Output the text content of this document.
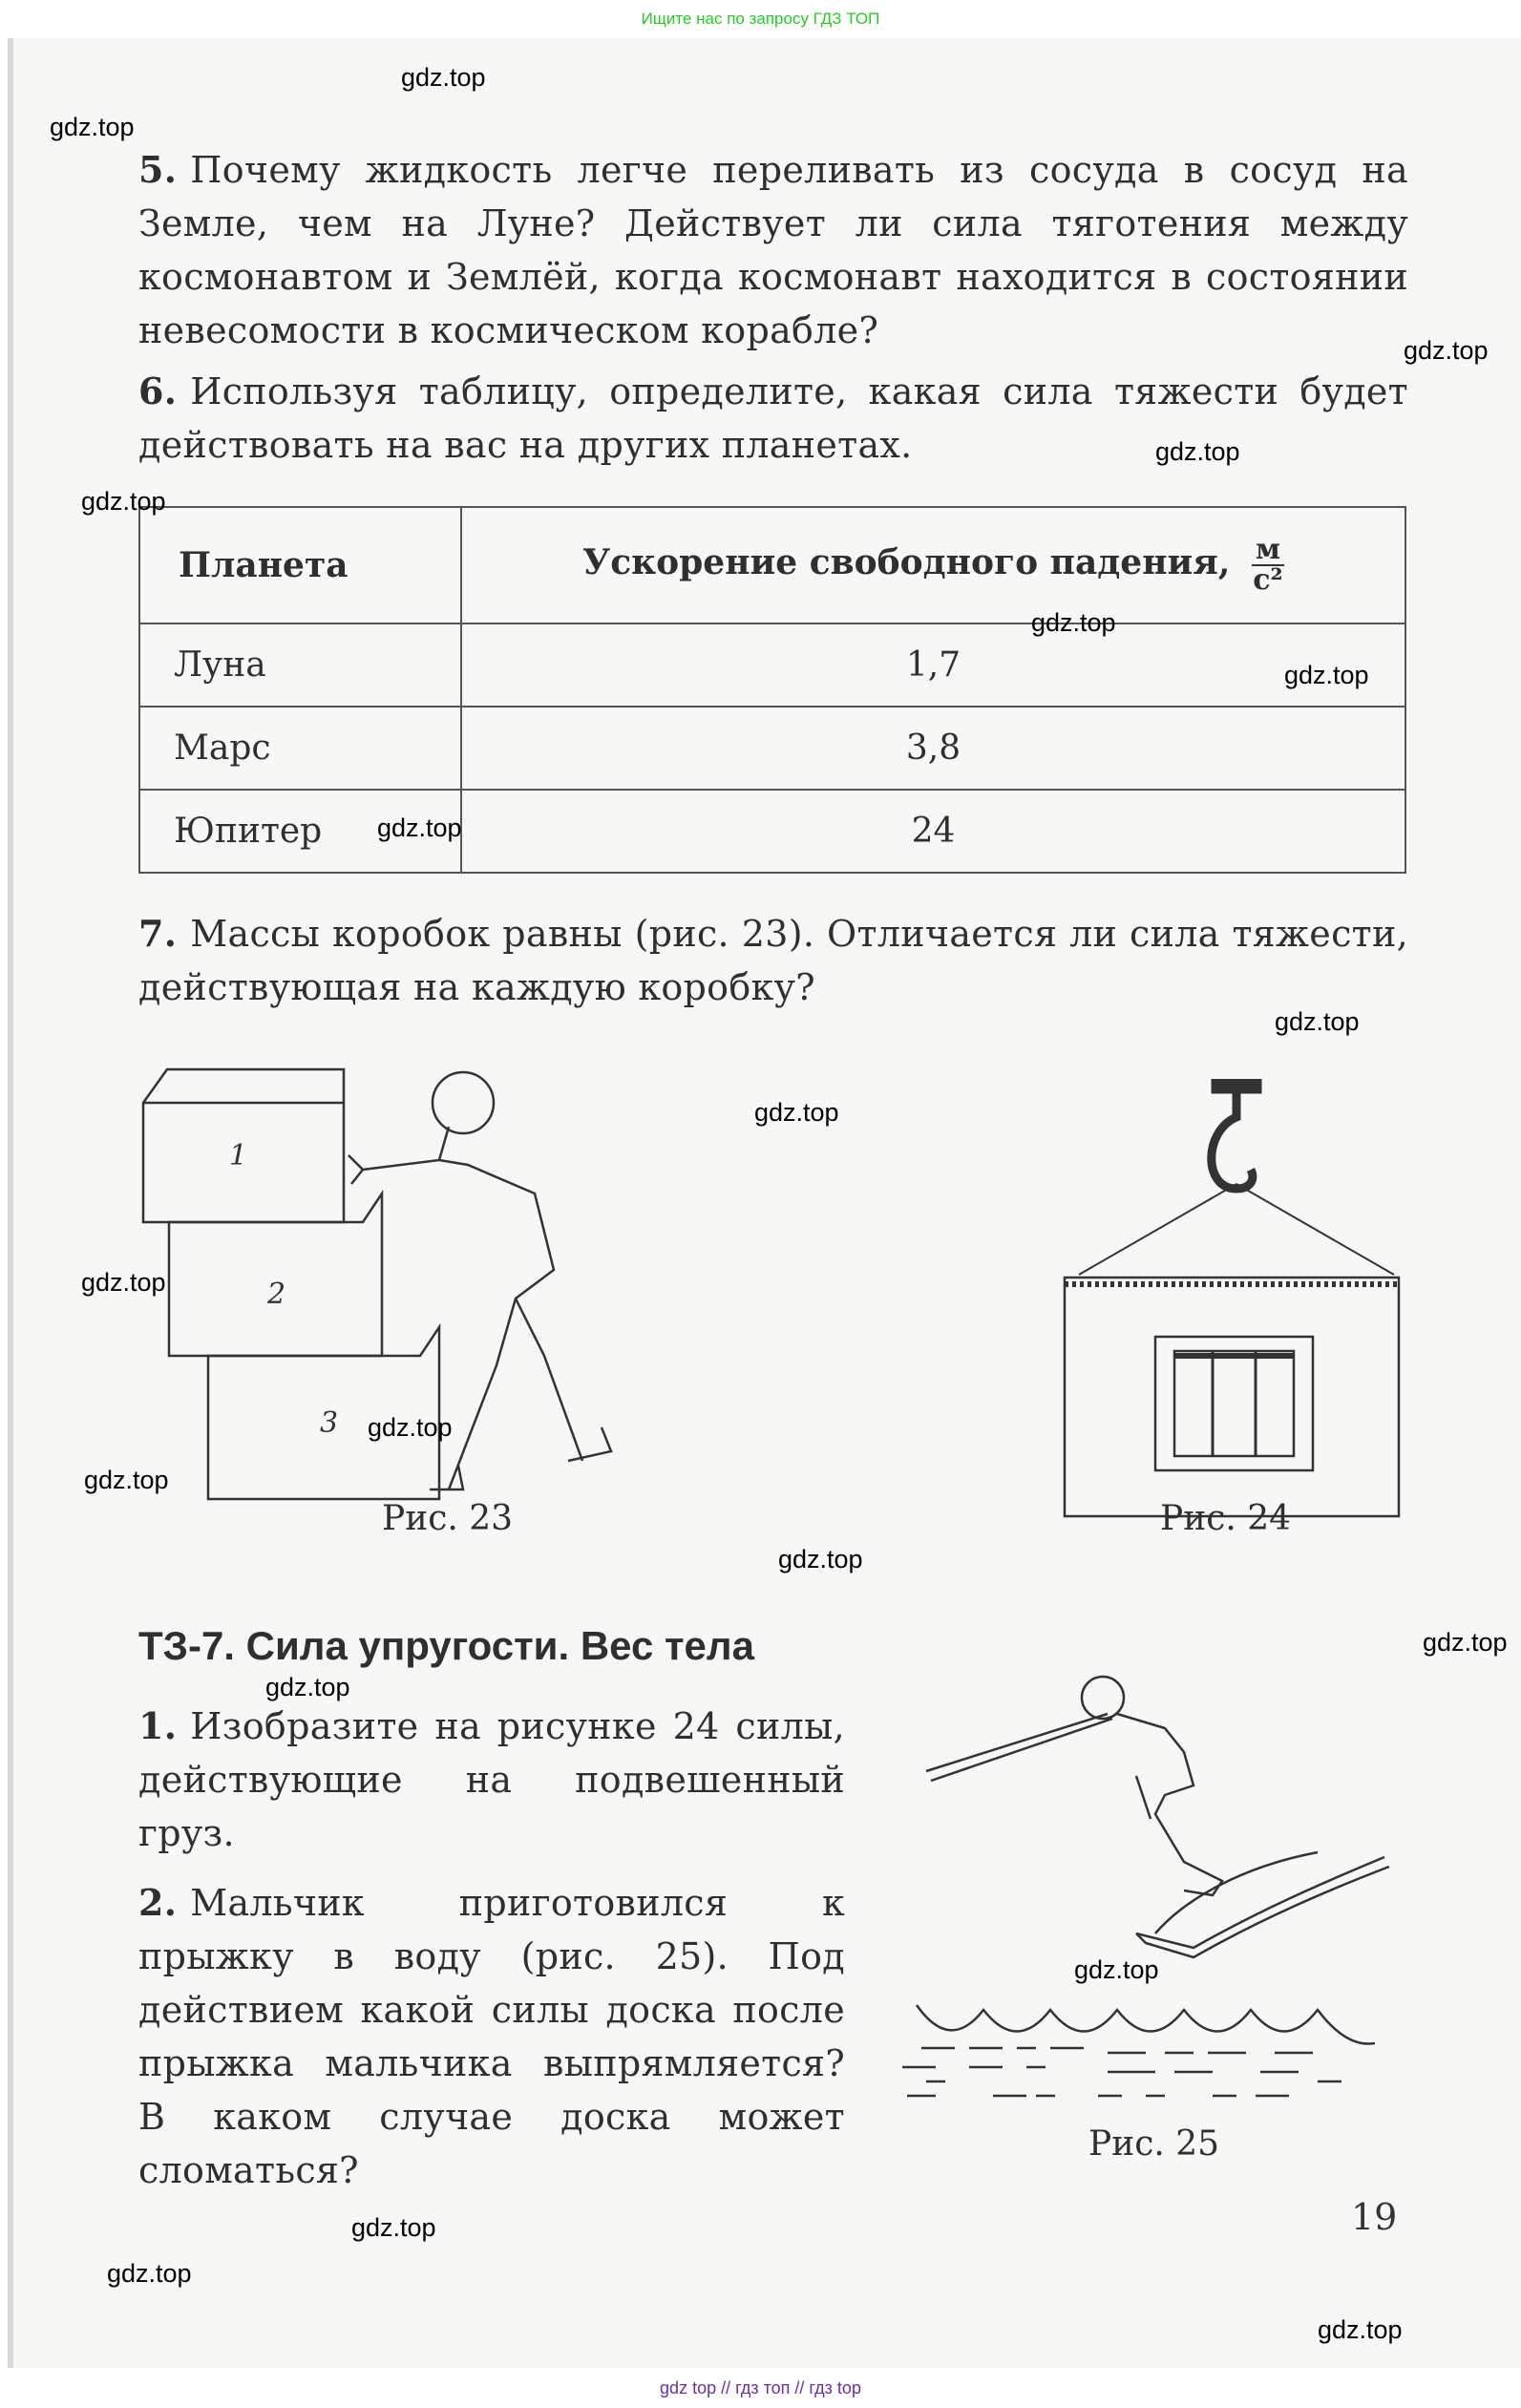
Ищите нас по запросу ГДЗ ТОП
5. Почему жидкость легче переливать из сосуда в сосуд на Земле, чем на Луне? Действует ли сила тяготения между космонавтом и Землёй, когда космонавт находится в состоянии невесомости в космическом корабле?
6. Используя таблицу, определите, какая сила тяжести будет действовать на вас на других планетах.
Планета	Ускорение свободного падения, $\frac{м}{\text{с²}}$

Луна	1,7
Марс	3,8
Юпитер	24
7. Массы коробок равны (рис. 23). Отличается ли сила тяжести, действующая на каждую коробку?
1
2
3
Рис. 23	Рис. 24
ТЗ-7. Сила упругости. Вес тела
1. Изобразите на рисунке 24 силы, действующие на подвешенный груз.
2. Мальчик приготовился к прыжку в воду (рис. 25). Под действием какой силы доска после прыжка мальчика выпрямляется? В каком случае доска может сломаться?
Рис. 25
19
gdz.top
gdz.top
gdz.top
gdz.top
gdz.top
gdz.top
gdz.top
gdz.top
gdz.top
gdz.top
gdz.top
gdz.top
gdz.top
gdz.top
gdz.top
gdz.top
gdz.top
gdz.top
gdz.top
gdz.top
gdz top // гдз топ // гдз top
